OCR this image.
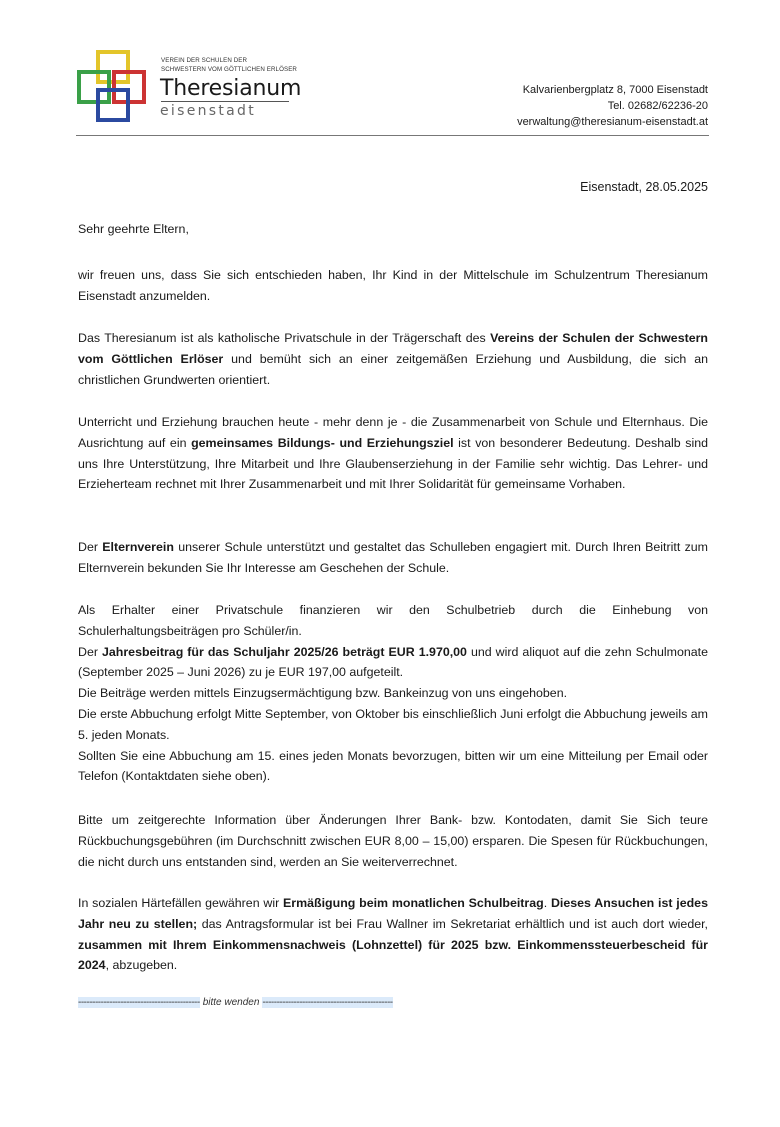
VEREIN DER SCHULEN DER
SCHWESTERN VOM GÖTTLICHEN ERLÖSER
Theresianum
eisenstadt
Kalvarienbergplatz 8, 7000 Eisenstadt
Tel. 02682/62236-20
verwaltung@theresianum-eisenstadt.at
Eisenstadt, 28.05.2025
Sehr geehrte Eltern,

wir freuen uns, dass Sie sich entschieden haben, Ihr Kind in der Mittelschule im Schulzentrum Theresianum Eisenstadt anzumelden.

Das Theresianum ist als katholische Privatschule in der Trägerschaft des Vereins der Schulen der Schwestern vom Göttlichen Erlöser und bemüht sich an einer zeitgemäßen Erziehung und Ausbildung, die sich an christlichen Grundwerten orientiert.

Unterricht und Erziehung brauchen heute - mehr denn je - die Zusammenarbeit von Schule und Elternhaus. Die Ausrichtung auf ein gemeinsames Bildungs- und Erziehungsziel ist von besonderer Bedeutung. Deshalb sind uns Ihre Unterstützung, Ihre Mitarbeit und Ihre Glaubenserziehung in der Familie sehr wichtig. Das Lehrer- und Erzieherteam rechnet mit Ihrer Zusammenarbeit und mit Ihrer Solidarität für gemeinsame Vorhaben.

Der Elternverein unserer Schule unterstützt und gestaltet das Schulleben engagiert mit. Durch Ihren Beitritt zum Elternverein bekunden Sie Ihr Interesse am Geschehen der Schule.

Als Erhalter einer Privatschule finanzieren wir den Schulbetrieb durch die Einhebung von Schulerhaltungsbeiträgen pro Schüler/in.

Der Jahresbeitrag für das Schuljahr 2025/26 beträgt EUR 1.970,00 und wird aliquot auf die zehn Schulmonate (September 2025 – Juni 2026) zu je EUR 197,00 aufgeteilt.

Die Beiträge werden mittels Einzugsermächtigung bzw. Bankeinzug von uns eingehoben.

Die erste Abbuchung erfolgt Mitte September, von Oktober bis einschließlich Juni erfolgt die Abbuchung jeweils am 5. jeden Monats.

Sollten Sie eine Abbuchung am 15. eines jeden Monats bevorzugen, bitten wir um eine Mitteilung per Email oder Telefon (Kontaktdaten siehe oben).

Bitte um zeitgerechte Information über Änderungen Ihrer Bank- bzw. Kontodaten, damit Sie Sich teure Rückbuchungsgebühren (im Durchschnitt zwischen EUR 8,00 – 15,00) ersparen. Die Spesen für Rückbuchungen, die nicht durch uns entstanden sind, werden an Sie weiterverrechnet.

In sozialen Härtefällen gewähren wir Ermäßigung beim monatlichen Schulbeitrag. Dieses Ansuchen ist jedes Jahr neu zu stellen; das Antragsformular ist bei Frau Wallner im Sekretariat erhältlich und ist auch dort wieder, zusammen mit Ihrem Einkommensnachweis (Lohnzettel) für 2025 bzw. Einkommenssteuerbescheid für 2024, abzugeben.

------------------------------------------- bitte wenden ----------------------------------------------
